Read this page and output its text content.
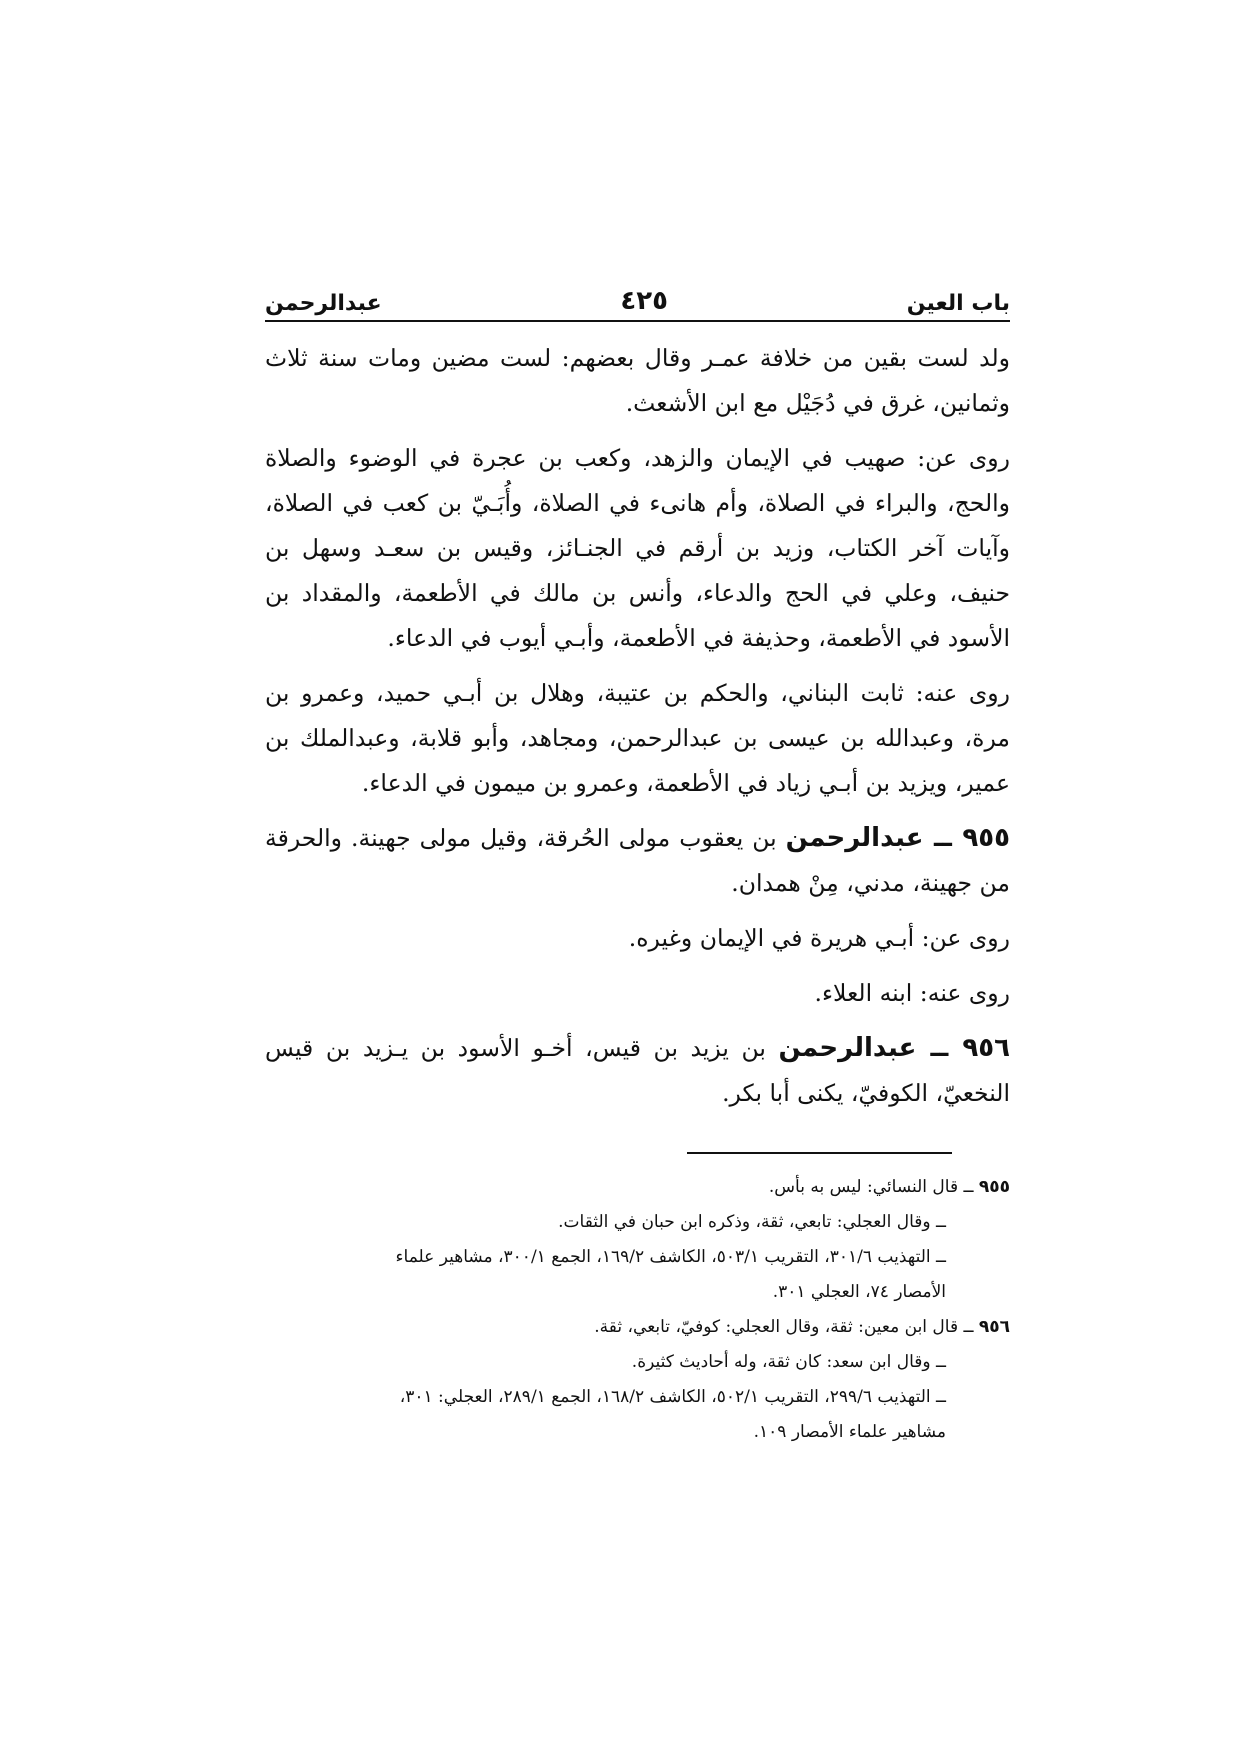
باب العين
٤٢٥
عبدالرحمن

ولد لست بقين من خلافة عمـر وقال بعضهم: لست مضين ومات سنة ثلاث وثمانين، غرق في دُجَيْل مع ابن الأشعث.

روى عن: صهيب في الإيمان والزهد، وكعب بن عجرة في الوضوء والصلاة والحج، والبراء في الصلاة، وأم هانىء في الصلاة، وأُبَـيّ بن كعب في الصلاة، وآيات آخر الكتاب، وزيد بن أرقم في الجنـائز، وقيس بن سعـد وسهل بن حنيف، وعلي في الحج والدعاء، وأنس بن مالك في الأطعمة، والمقداد بن الأسود في الأطعمة، وحذيفة في الأطعمة، وأبـي أيوب في الدعاء.

روى عنه: ثابت البناني، والحكم بن عتيبة، وهلال بن أبـي حميد، وعمرو بن مرة، وعبدالله بن عيسى بن عبدالرحمن، ومجاهد، وأبو قلابة، وعبدالملك بن عمير، ويزيد بن أبـي زياد في الأطعمة، وعمرو بن ميمون في الدعاء.

٩٥٥ ــ عبدالرحمن بن يعقوب مولى الحُرقة، وقيل مولى جهينة. والحرقة من جهينة، مدني، مِنْ همدان.

روى عن: أبـي هريرة في الإيمان وغيره.

روى عنه: ابنه العلاء.

٩٥٦ ــ عبدالرحمن بن يزيد بن قيس، أخـو الأسود بن يـزيد بن قيس النخعيّ، الكوفيّ، يكنى أبا بكر.

٩٥٥ ــ قال النسائي: ليس به بأس.

ــ وقال العجلي: تابعي، ثقة، وذكره ابن حبان في الثقات.

ــ التهذيب ٣٠١/٦، التقريب ٥٠٣/١، الكاشف ١٦٩/٢، الجمع ٣٠٠/١، مشاهير علماء

الأمصار ٧٤، العجلي ٣٠١.

٩٥٦ ــ قال ابن معين: ثقة، وقال العجلي: كوفيّ، تابعي، ثقة.

ــ وقال ابن سعد: كان ثقة، وله أحاديث كثيرة.

ــ التهذيب ٢٩٩/٦، التقريب ٥٠٢/١، الكاشف ١٦٨/٢، الجمع ٢٨٩/١، العجلي: ٣٠١،

مشاهير علماء الأمصار ١٠٩.
